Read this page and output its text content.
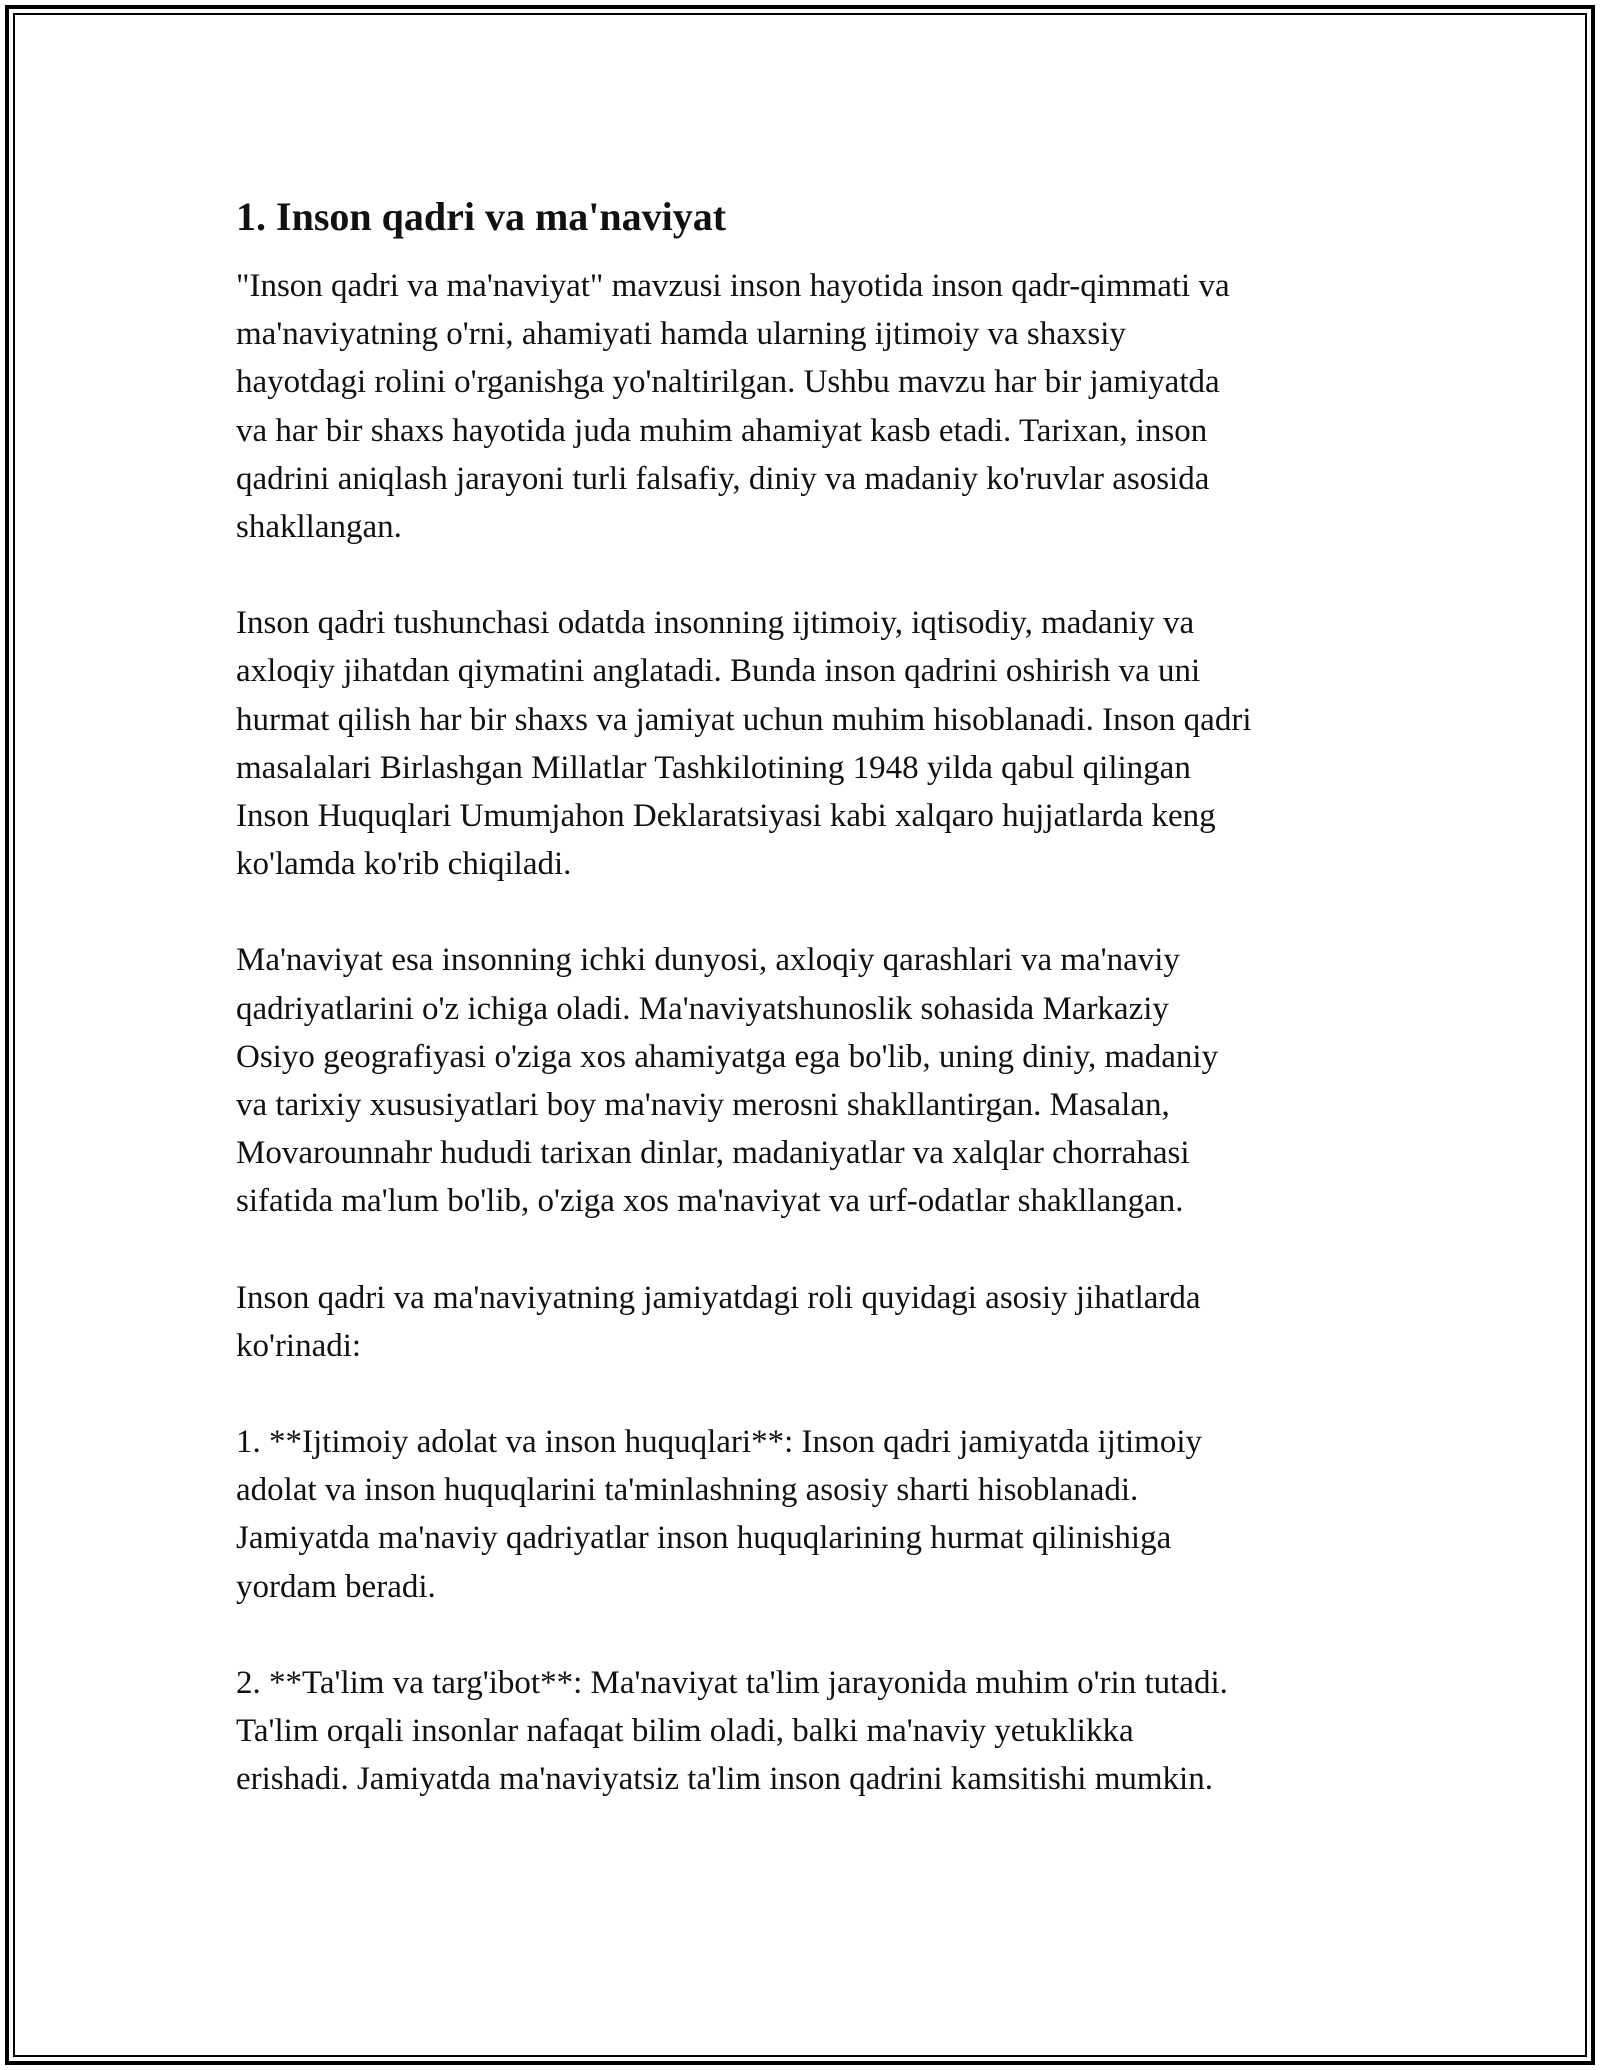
1. Inson qadri va ma'naviyat

"Inson qadri va ma'naviyat" mavzusi inson hayotida inson qadr-qimmati va
ma'naviyatning o'rni, ahamiyati hamda ularning ijtimoiy va shaxsiy
hayotdagi rolini o'rganishga yo'naltirilgan. Ushbu mavzu har bir jamiyatda
va har bir shaxs hayotida juda muhim ahamiyat kasb etadi. Tarixan, inson
qadrini aniqlash jarayoni turli falsafiy, diniy va madaniy ko'ruvlar asosida
shakllangan.

Inson qadri tushunchasi odatda insonning ijtimoiy, iqtisodiy, madaniy va
axloqiy jihatdan qiymatini anglatadi. Bunda inson qadrini oshirish va uni
hurmat qilish har bir shaxs va jamiyat uchun muhim hisoblanadi. Inson qadri
masalalari Birlashgan Millatlar Tashkilotining 1948 yilda qabul qilingan
Inson Huquqlari Umumjahon Deklaratsiyasi kabi xalqaro hujjatlarda keng
ko'lamda ko'rib chiqiladi.

Ma'naviyat esa insonning ichki dunyosi, axloqiy qarashlari va ma'naviy
qadriyatlarini o'z ichiga oladi. Ma'naviyatshunoslik sohasida Markaziy
Osiyo geografiyasi o'ziga xos ahamiyatga ega bo'lib, uning diniy, madaniy
va tarixiy xususiyatlari boy ma'naviy merosni shakllantirgan. Masalan,
Movarounnahr hududi tarixan dinlar, madaniyatlar va xalqlar chorrahasi
sifatida ma'lum bo'lib, o'ziga xos ma'naviyat va urf-odatlar shakllangan.

Inson qadri va ma'naviyatning jamiyatdagi roli quyidagi asosiy jihatlarda
ko'rinadi:

1. **Ijtimoiy adolat va inson huquqlari**: Inson qadri jamiyatda ijtimoiy
adolat va inson huquqlarini ta'minlashning asosiy sharti hisoblanadi.
Jamiyatda ma'naviy qadriyatlar inson huquqlarining hurmat qilinishiga
yordam beradi.

2. **Ta'lim va targ'ibot**: Ma'naviyat ta'lim jarayonida muhim o'rin tutadi.
Ta'lim orqali insonlar nafaqat bilim oladi, balki ma'naviy yetuklikka
erishadi. Jamiyatda ma'naviyatsiz ta'lim inson qadrini kamsitishi mumkin.
